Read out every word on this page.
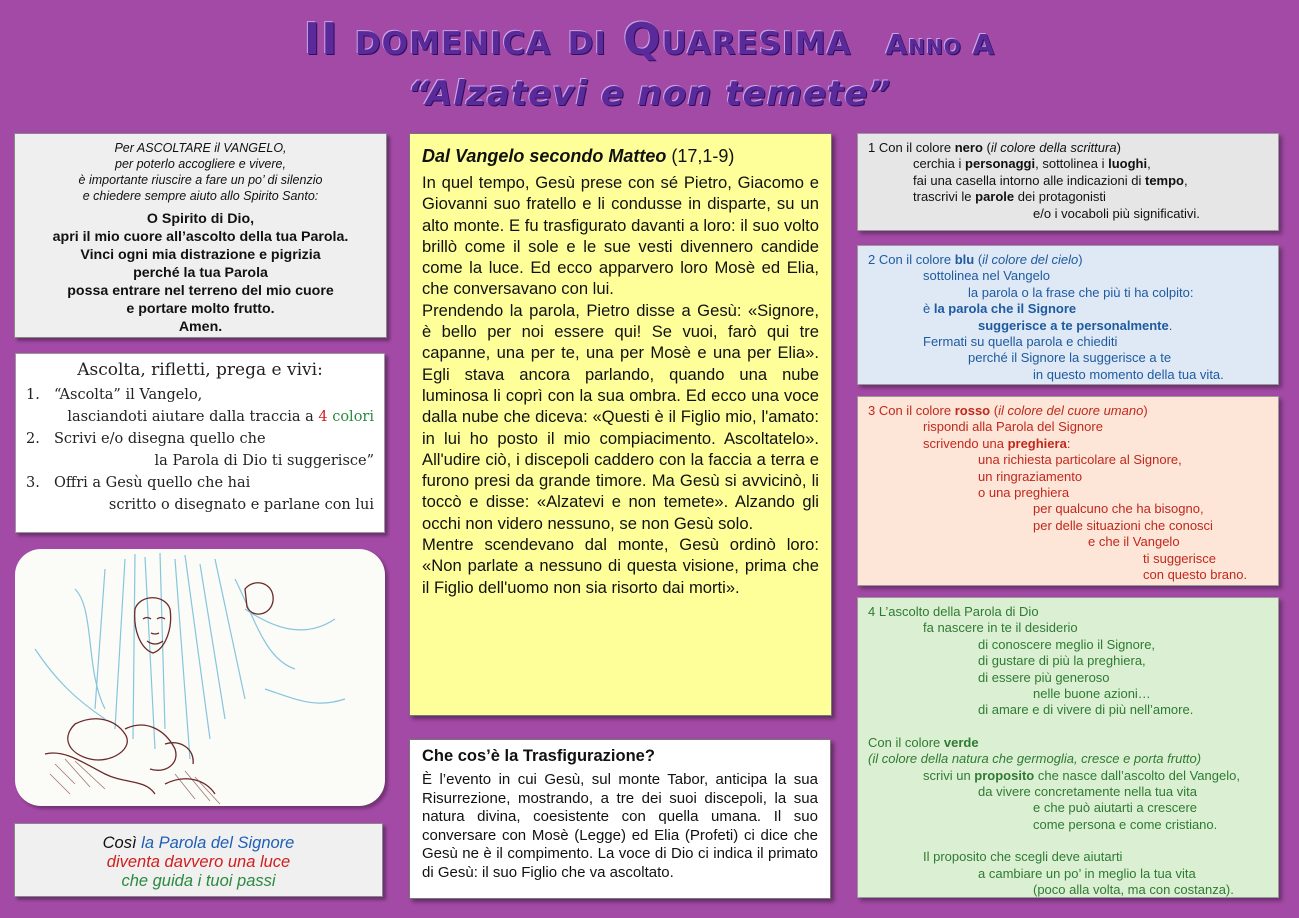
II domenica di Quaresima Anno A
“Alzatevi e non temete”
Per ASCOLTARE il VANGELO,
per poterlo accogliere e vivere,
è importante riuscire a fare un po’ di silenzio
e chiedere sempre aiuto allo Spirito Santo:
O Spirito di Dio,
apri il mio cuore all’ascolto della tua Parola.
Vinci ogni mia distrazione e pigrizia
perché la tua Parola
possa entrare nel terreno del mio cuore
e portare molto frutto.
Amen.
Ascolta, rifletti, prega e vivi:
1. “Ascolta” il Vangelo,
lasciandoti aiutare dalla traccia a 4 colori
2. Scrivi e/o disegna quello che
la Parola di Dio ti suggerisce”
3. Offri a Gesù quello che hai
scritto o disegnato e parlane con lui
Così la Parola del Signore
diventa davvero una luce
che guida i tuoi passi
Dal Vangelo secondo Matteo (17,1-9)

In quel tempo, Gesù prese con sé Pietro, Giacomo e Giovanni suo fratello e li condusse in disparte, su un alto monte. E fu trasfigurato davanti a loro: il suo volto brillò come il sole e le sue vesti divennero candide come la luce. Ed ecco apparvero loro Mosè ed Elia, che conversavano con lui.

Prendendo la parola, Pietro disse a Gesù: «Signore, è bello per noi essere qui! Se vuoi, farò qui tre capanne, una per te, una per Mosè e una per Elia». Egli stava ancora parlando, quando una nube luminosa li coprì con la sua ombra. Ed ecco una voce dalla nube che diceva: «Questi è il Figlio mio, l'amato: in lui ho posto il mio compiacimento. Ascoltatelo». All'udire ciò, i discepoli caddero con la faccia a terra e furono presi da grande timore. Ma Gesù si avvicinò, li toccò e disse: «Alzatevi e non temete». Alzando gli occhi non videro nessuno, se non Gesù solo.

Mentre scendevano dal monte, Gesù ordinò loro: «Non parlate a nessuno di questa visione, prima che il Figlio dell'uomo non sia risorto dai morti».

Che cos’è la Trasfigurazione?

È l’evento in cui Gesù, sul monte Tabor, anticipa la sua Risurrezione, mostrando, a tre dei suoi discepoli, la sua natura divina, coesistente con quella umana. Il suo conversare con Mosè (Legge) ed Elia (Profeti) ci dice che Gesù ne è il compimento. La voce di Dio ci indica il primato di Gesù: il suo Figlio che va ascoltato.

1 Con il colore nero (il colore della scrittura)
cerchia i personaggi, sottolinea i luoghi,
fai una casella intorno alle indicazioni di tempo,
trascrivi le parole dei protagonisti
e/o i vocaboli più significativi.
2 Con il colore blu (il colore del cielo)
sottolinea nel Vangelo
la parola o la frase che più ti ha colpito:
è la parola che il Signore
suggerisce a te personalmente.
Fermati su quella parola e chiediti
perché il Signore la suggerisce a te
in questo momento della tua vita.
3 Con il colore rosso (il colore del cuore umano)
rispondi alla Parola del Signore
scrivendo una preghiera:
una richiesta particolare al Signore,
un ringraziamento
o una preghiera
per qualcuno che ha bisogno,
per delle situazioni che conosci
e che il Vangelo
ti suggerisce
con questo brano.
4 L’ascolto della Parola di Dio
fa nascere in te il desiderio
di conoscere meglio il Signore,
di gustare di più la preghiera,
di essere più generoso
nelle buone azioni…
di amare e di vivere di più nell’amore.
Con il colore verde
(il colore della natura che germoglia, cresce e porta frutto)
scrivi un proposito che nasce dall’ascolto del Vangelo,
da vivere concretamente nella tua vita
e che può aiutarti a crescere
come persona e come cristiano.
Il proposito che scegli deve aiutarti
a cambiare un po’ in meglio la tua vita
(poco alla volta, ma con costanza).
